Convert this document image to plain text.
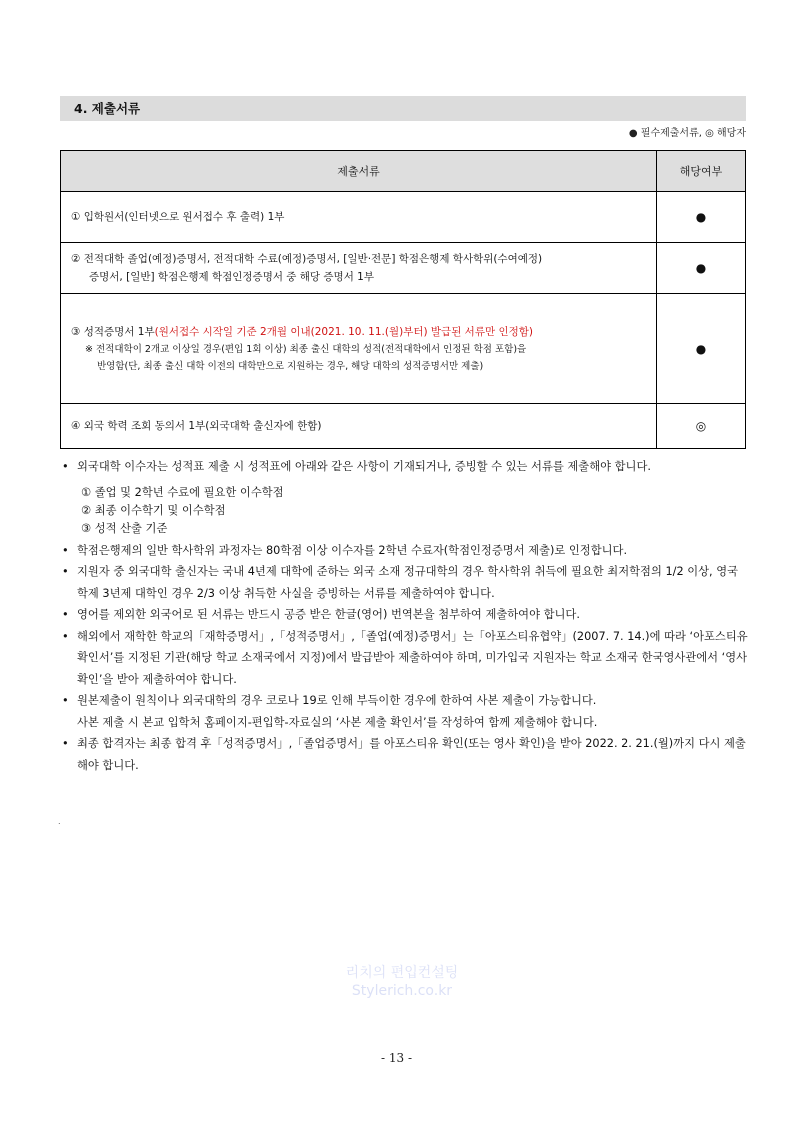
4. 제출서류
● 필수제출서류, ◎ 해당자
제출서류	해당여부

① 입학원서(인터넷으로 원서접수 후 출력) 1부	●

② 전적대학 졸업(예정)증명서, 전적대학 수료(예정)증명서, [일반·전문] 학점은행제 학사학위(수여예정)
증명서, [일반] 학점은행제 학점인정증명서 중 해당 증명서 1부	●

③ 성적증명서 1부(원서접수 시작일 기준 2개월 이내(2021. 10. 11.(월)부터) 발급된 서류만 인정함)
※ 전적대학이 2개교 이상일 경우(편입 1회 이상) 최종 출신 대학의 성적(전적대학에서 인정된 학점 포함)을
반영함(단, 최종 출신 대학 이전의 대학만으로 지원하는 경우, 해당 대학의 성적증명서만 제출)	●

④ 외국 학력 조회 동의서 1부(외국대학 출신자에 한함)	◎
• 외국대학 이수자는 성적표 제출 시 성적표에 아래와 같은 사항이 기재되거나, 증빙할 수 있는 서류를 제출해야 합니다.
① 졸업 및 2학년 수료에 필요한 이수학점
② 최종 이수학기 및 이수학점
③ 성적 산출 기준
• 학점은행제의 일반 학사학위 과정자는 80학점 이상 이수자를 2학년 수료자(학점인정증명서 제출)로 인정합니다.
• 지원자 중 외국대학 출신자는 국내 4년제 대학에 준하는 외국 소재 정규대학의 경우 학사학위 취득에 필요한 최저학점의 1/2 이상, 영국학제 3년제 대학인 경우 2/3 이상 취득한 사실을 증빙하는 서류를 제출하여야 합니다.
• 영어를 제외한 외국어로 된 서류는 반드시 공증 받은 한글(영어) 번역본을 첨부하여 제출하여야 합니다.
• 해외에서 재학한 학교의「재학증명서」,「성적증명서」,「졸업(예정)증명서」는「아포스티유협약」(2007. 7. 14.)에 따라 ‘아포스티유 확인서’를 지정된 기관(해당 학교 소재국에서 지정)에서 발급받아 제출하여야 하며, 미가입국 지원자는 학교 소재국 한국영사관에서 ‘영사 확인’을 받아 제출하여야 합니다.
• 원본제출이 원칙이나 외국대학의 경우 코로나 19로 인해 부득이한 경우에 한하여 사본 제출이 가능합니다.
사본 제출 시 본교 입학처 홈페이지-편입학-자료실의 ‘사본 제출 확인서’를 작성하여 함께 제출해야 합니다.
• 최종 합격자는 최종 합격 후「성적증명서」,「졸업증명서」를 아포스티유 확인(또는 영사 확인)을 받아 2022. 2. 21.(월)까지 다시 제출해야 합니다.
.
리치의 편입컨설팅
Stylerich.co.kr
- 13 -
